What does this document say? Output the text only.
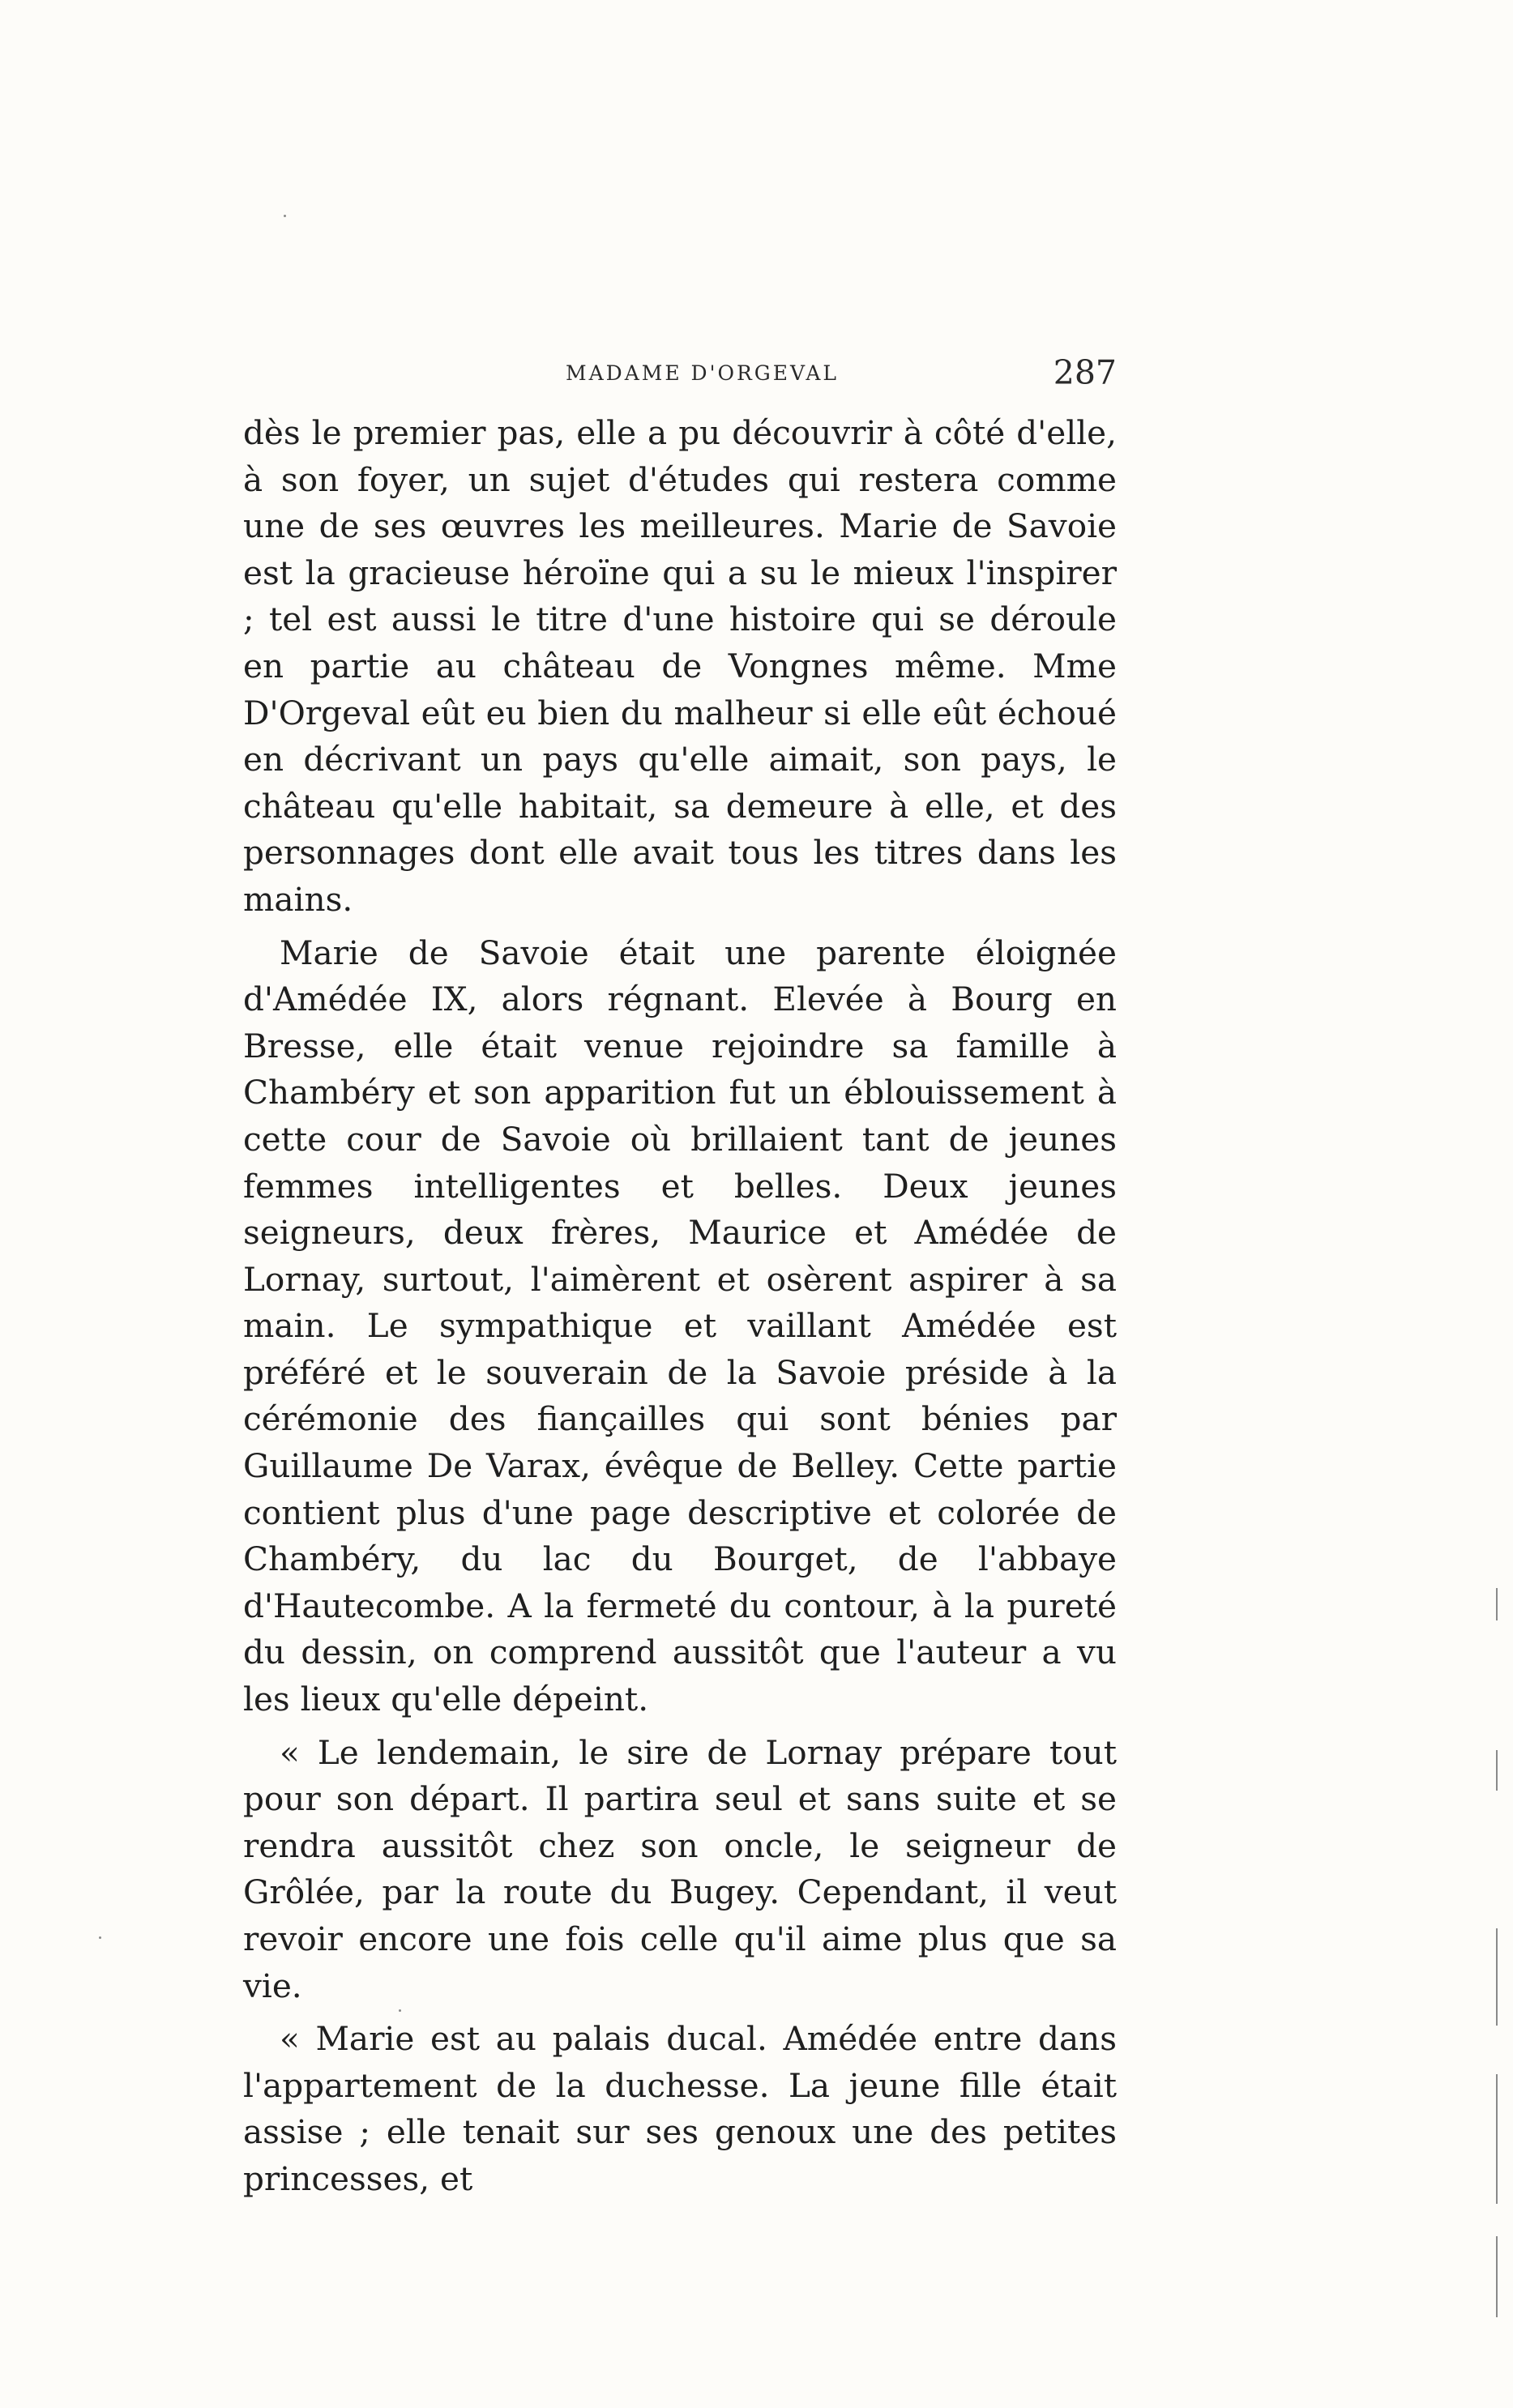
MADAME D'ORGEVAL	287

dès le premier pas, elle a pu découvrir à côté d'elle, à son foyer, un sujet d'études qui restera comme une de ses œuvres les meilleures. Marie de Savoie est la gracieuse héroïne qui a su le mieux l'inspirer ; tel est aussi le titre d'une histoire qui se déroule en partie au château de Vongnes même. Mme D'Orgeval eût eu bien du malheur si elle eût échoué en décrivant un pays qu'elle aimait, son pays, le château qu'elle habitait, sa demeure à elle, et des personnages dont elle avait tous les titres dans les mains.

Marie de Savoie était une parente éloignée d'Amédée IX, alors régnant. Elevée à Bourg en Bresse, elle était venue rejoindre sa famille à Chambéry et son apparition fut un éblouissement à cette cour de Savoie où brillaient tant de jeunes femmes intelligentes et belles. Deux jeunes seigneurs, deux frères, Maurice et Amédée de Lornay, surtout, l'aimèrent et osèrent aspirer à sa main. Le sympathique et vaillant Amédée est préféré et le souverain de la Savoie préside à la cérémonie des fiançailles qui sont bénies par Guillaume De Varax, évêque de Belley. Cette partie contient plus d'une page descriptive et colorée de Chambéry, du lac du Bourget, de l'abbaye d'Hautecombe. A la fermeté du contour, à la pureté du dessin, on comprend aussitôt que l'auteur a vu les lieux qu'elle dépeint.

« Le lendemain, le sire de Lornay prépare tout pour son départ. Il partira seul et sans suite et se rendra aussitôt chez son oncle, le seigneur de Grôlée, par la route du Bugey. Cependant, il veut revoir encore une fois celle qu'il aime plus que sa vie.

« Marie est au palais ducal. Amédée entre dans l'appartement de la duchesse. La jeune fille était assise ; elle tenait sur ses genoux une des petites princesses, et
